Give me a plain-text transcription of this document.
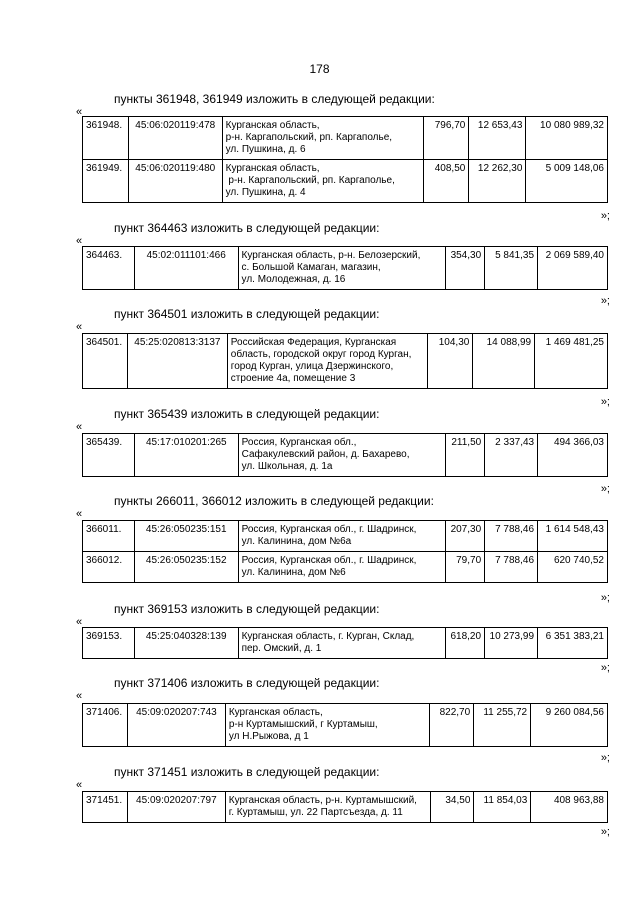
178
пункты 361948, 361949 изложить в следующей редакции:
«
361948.	45:06:020119:478	Курганская область,
р-н. Каргапольский, рп. Каргаполье,
ул. Пушкина, д. 6	796,70	12 653,43	10 080 989,32
361949.	45:06:020119:480	Курганская область,
р-н. Каргапольский, рп. Каргаполье,
ул. Пушкина, д. 4	408,50	12 262,30	5 009 148,06
»;
пункт 364463 изложить в следующей редакции:
«
364463.	45:02:011101:466	Курганская область, р-н. Белозерский,
с. Большой Камаган, магазин,
ул. Молодежная, д. 16	354,30	5 841,35	2 069 589,40
»;
пункт 364501 изложить в следующей редакции:
«
364501.	45:25:020813:3137	Российская Федерация, Курганская
область, городской округ город Курган,
город Курган, улица Дзержинского,
строение 4а, помещение 3	104,30	14 088,99	1 469 481,25
»;
пункт 365439 изложить в следующей редакции:
«
365439.	45:17:010201:265	Россия, Курганская обл.,
Сафакулевский район, д. Бахарево,
ул. Школьная, д. 1а	211,50	2 337,43	494 366,03
»;
пункты 266011, 366012 изложить в следующей редакции:
«
366011.	45:26:050235:151	Россия, Курганская обл., г. Шадринск,
ул. Калинина, дом №6а	207,30	7 788,46	1 614 548,43
366012.	45:26:050235:152	Россия, Курганская обл., г. Шадринск,
ул. Калинина, дом №6	79,70	7 788,46	620 740,52
»;
пункт 369153 изложить в следующей редакции:
«
369153.	45:25:040328:139	Курганская область, г. Курган, Склад,
пер. Омский, д. 1	618,20	10 273,99	6 351 383,21
»;
пункт 371406 изложить в следующей редакции:
«
371406.	45:09:020207:743	Курганская область,
р-н Куртамышский, г Куртамыш,
ул Н.Рыжова, д 1	822,70	11 255,72	9 260 084,56
»;
пункт 371451 изложить в следующей редакции:
«
371451.	45:09:020207:797	Курганская область, р-н. Куртамышский,
г. Куртамыш, ул. 22 Партсъезда, д. 11	34,50	11 854,03	408 963,88
»;
